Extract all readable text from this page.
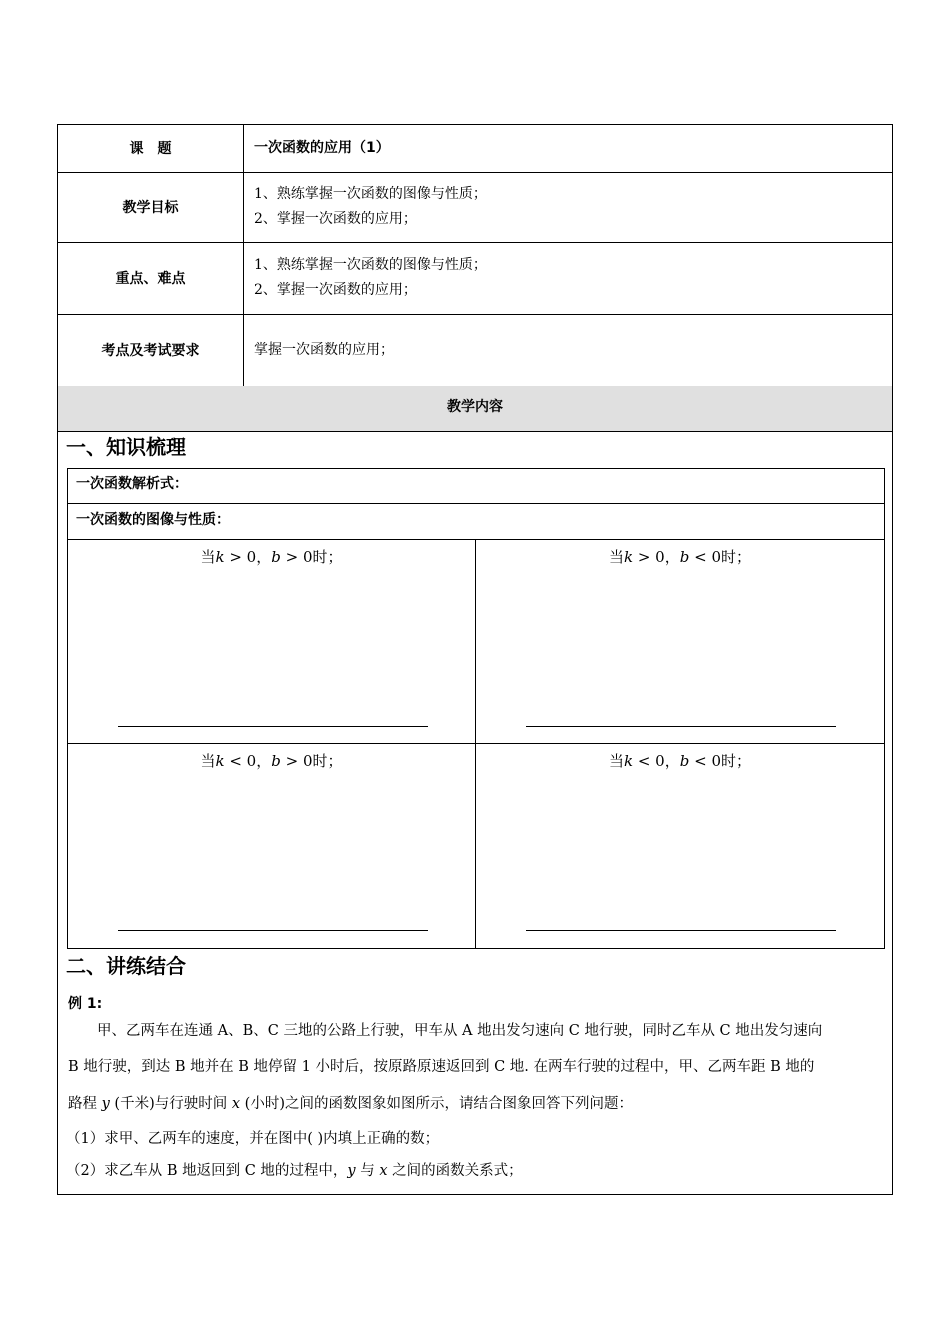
课　题	一次函数的应用（1）
教学目标	1、熟练掌握一次函数的图像与性质；
2、掌握一次函数的应用；

重点、难点	1、熟练掌握一次函数的图像与性质；
2、掌握一次函数的应用；

考点及考试要求	掌握一次函数的应用；
教学内容
一、知识梳理
一次函数解析式：
一次函数的图像与性质：
当k > 0，b > 0时；	当k > 0，b < 0时；
当k < 0，b > 0时；	当k < 0，b < 0时；
二、讲练结合
例 1:
　　甲、乙两车在连通 A、B、C 三地的公路上行驶，甲车从 A 地出发匀速向 C 地行驶，同时乙车从 C 地出发匀速向
B 地行驶，到达 B 地并在 B 地停留 1 小时后，按原路原速返回到 C 地. 在两车行驶的过程中，甲、乙两车距 B 地的
路程 y (千米)与行驶时间 x (小时)之间的函数图象如图所示，请结合图象回答下列问题：
（1）求甲、乙两车的速度，并在图中( )内填上正确的数；
（2）求乙车从 B 地返回到 C 地的过程中，y 与 x 之间的函数关系式；
